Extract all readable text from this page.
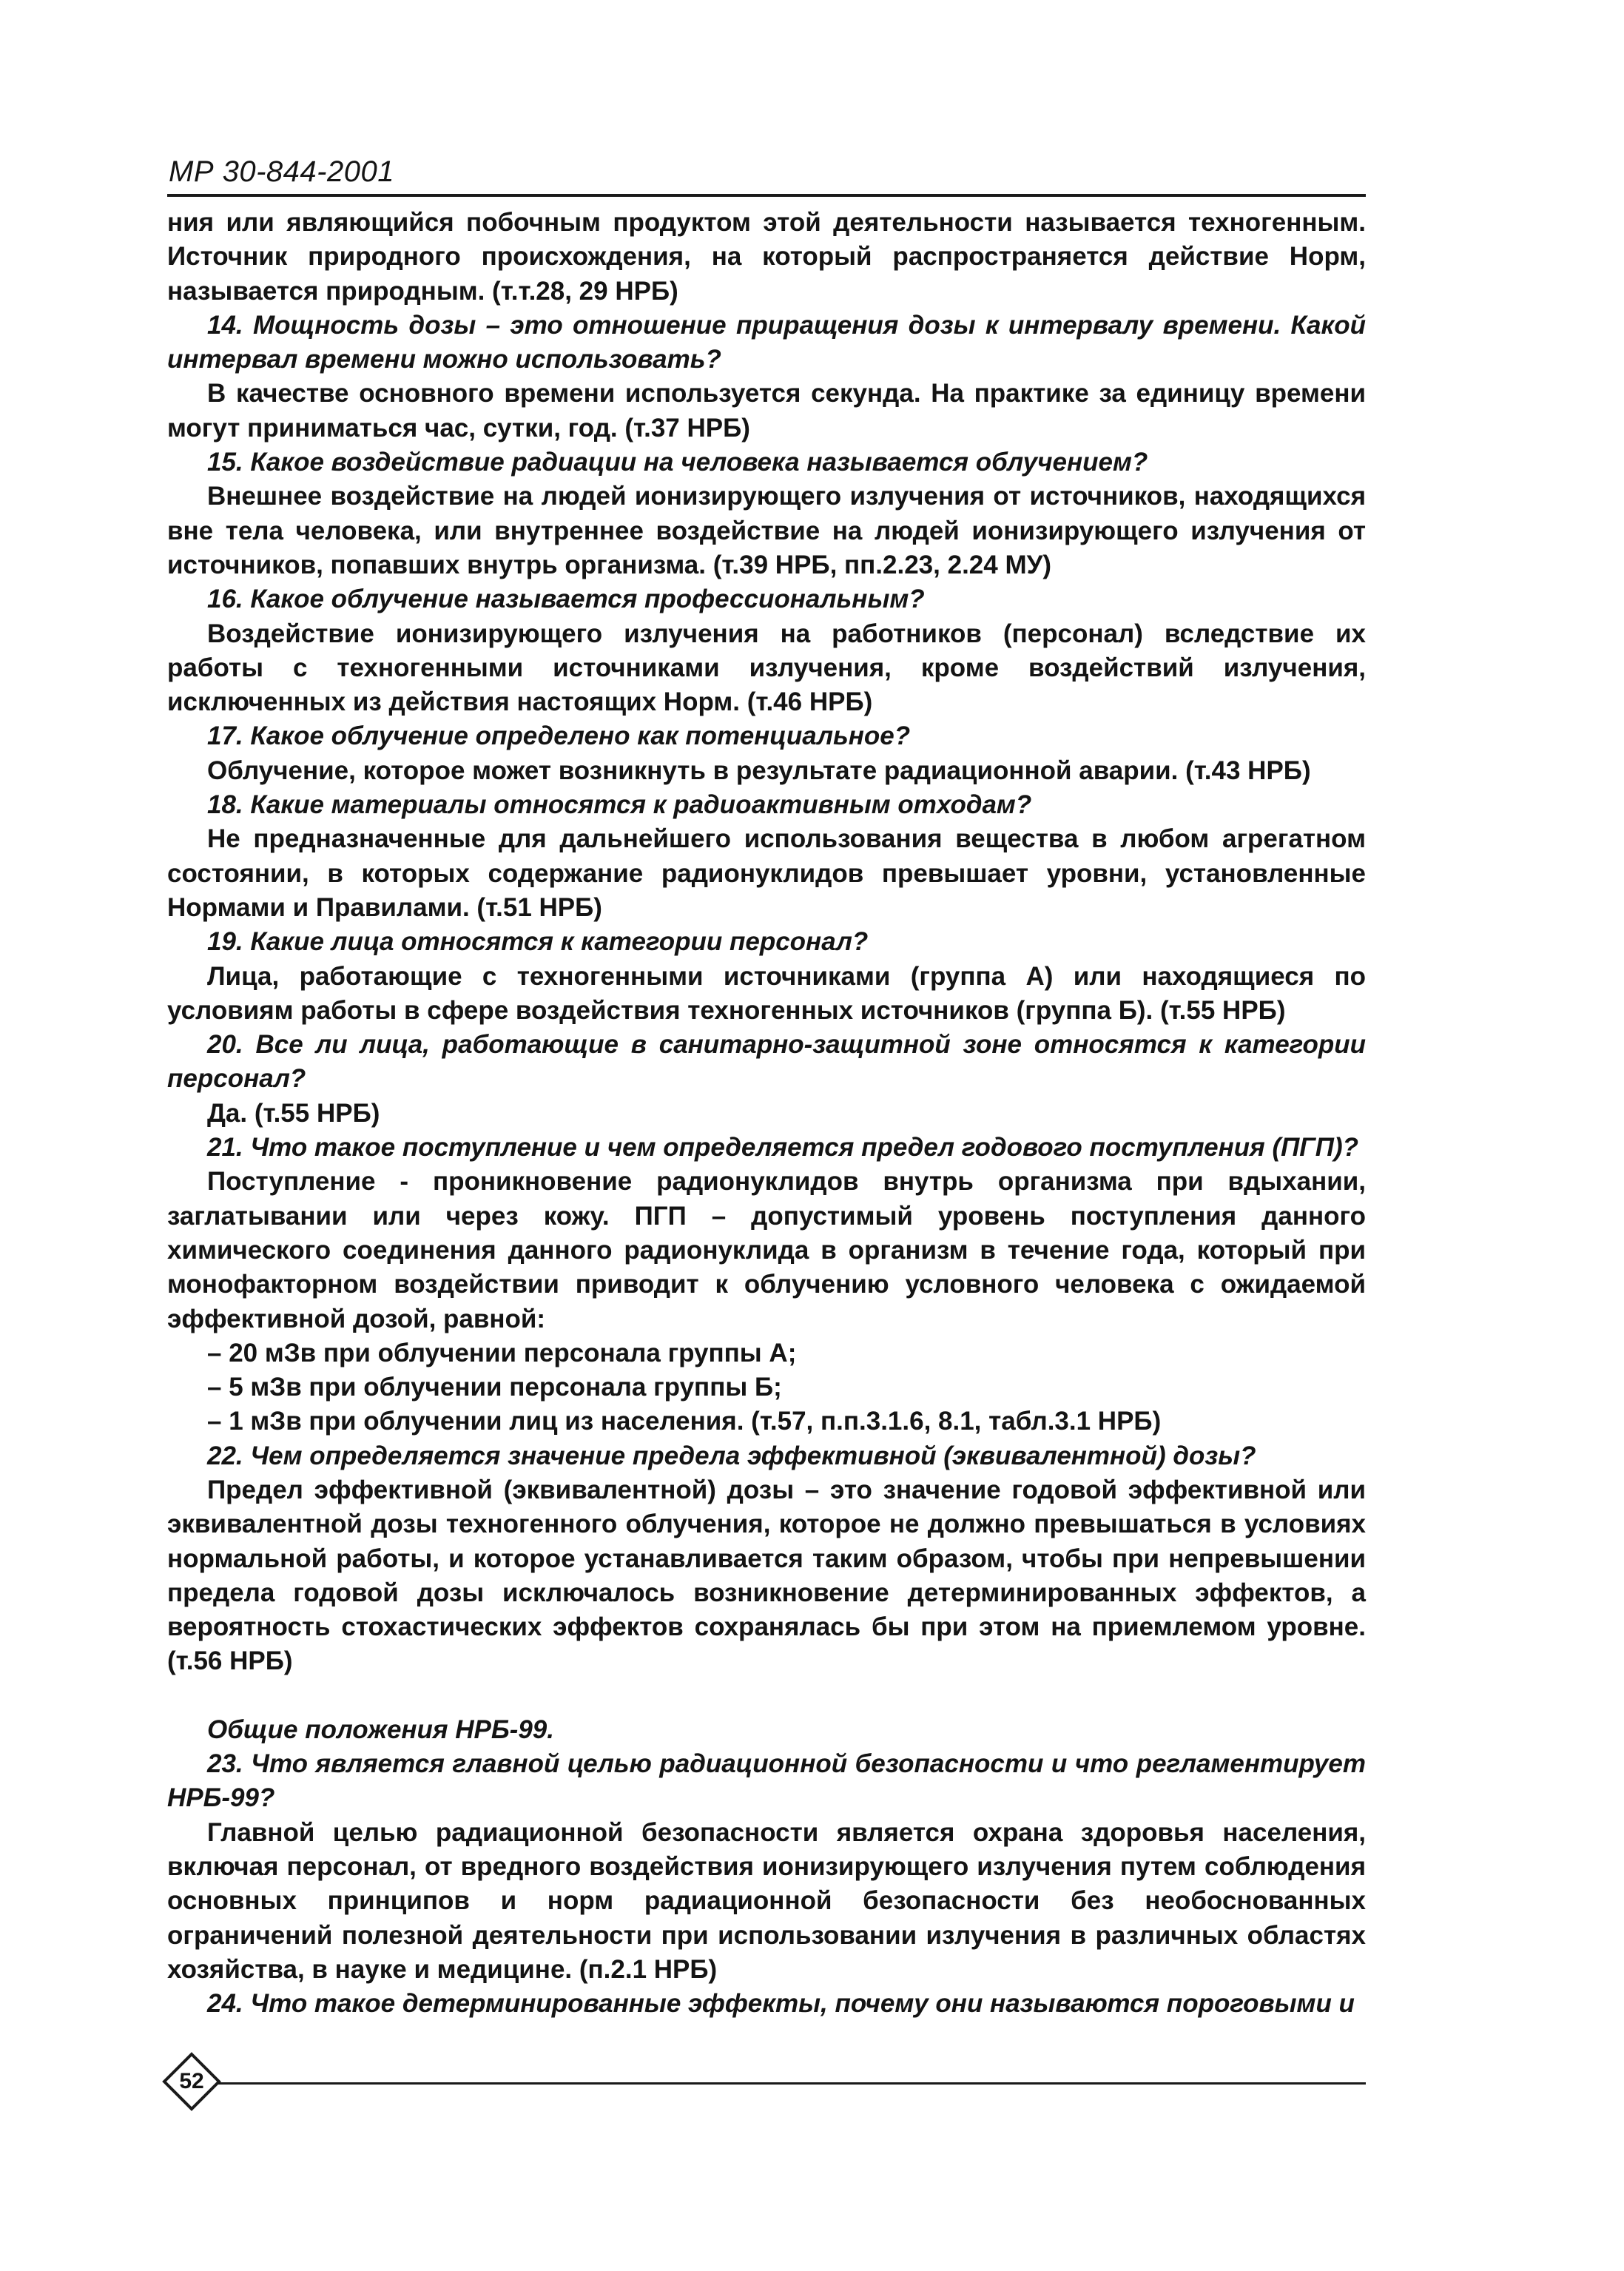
МР 30-844-2001

ния или являющийся побочным продуктом этой деятельности называется техногенным. Источник природного происхождения, на который распространяется действие Норм, называется природным. (т.т.28, 29 НРБ)

14. Мощность дозы – это отношение приращения дозы к интервалу времени. Какой интервал времени можно использовать?

В качестве основного времени используется секунда. На практике за единицу времени могут приниматься час, сутки, год. (т.37 НРБ)

15. Какое воздействие радиации на человека называется облучением?

Внешнее воздействие на людей ионизирующего излучения от источников, находящихся вне тела человека, или внутреннее воздействие на людей ионизирующего излучения от источников, попавших внутрь организма. (т.39 НРБ, пп.2.23, 2.24 МУ)

16. Какое облучение называется профессиональным?

Воздействие ионизирующего излучения на работников (персонал) вследствие их работы с техногенными источниками излучения, кроме воздействий излучения, исключенных из действия настоящих Норм. (т.46 НРБ)

17. Какое облучение определено как потенциальное?

Облучение, которое может возникнуть в результате радиационной аварии. (т.43 НРБ)

18. Какие материалы относятся к радиоактивным отходам?

Не предназначенные для дальнейшего использования вещества в любом агрегатном состоянии, в которых содержание радионуклидов превышает уровни, установленные Нормами и Правилами. (т.51 НРБ)

19. Какие лица относятся к категории персонал?

Лица, работающие с техногенными источниками (группа А) или находящиеся по условиям работы в сфере воздействия техногенных источников (группа Б). (т.55 НРБ)

20. Все ли лица, работающие в санитарно-защитной зоне относятся к категории персонал?

Да. (т.55 НРБ)

21. Что такое поступление и чем определяется предел годового поступления (ПГП)?

Поступление - проникновение радионуклидов внутрь организма при вдыхании, заглатывании или через кожу. ПГП – допустимый уровень поступления данного химического соединения данного радионуклида в организм в течение года, который при монофакторном воздействии приводит к облучению условного человека с ожидаемой эффективной дозой, равной:

– 20 мЗв при облучении персонала группы А;

– 5 мЗв при облучении персонала группы Б;

– 1 мЗв при облучении лиц из населения. (т.57, п.п.3.1.6, 8.1, табл.3.1 НРБ)

22. Чем определяется значение предела эффективной (эквивалентной) дозы?

Предел эффективной (эквивалентной) дозы – это значение годовой эффективной или эквивалентной дозы техногенного облучения, которое не должно превышаться в условиях нормальной работы, и которое устанавливается таким образом, чтобы при непревышении предела годовой дозы исключалось возникновение детерминированных эффектов, а вероятность стохастических эффектов сохранялась бы при этом на приемлемом уровне. (т.56 НРБ)

Общие положения НРБ-99.

23. Что является главной целью радиационной безопасности и что регламентирует НРБ-99?

Главной целью радиационной безопасности является охрана здоровья населения, включая персонал, от вредного воздействия ионизирующего излучения путем соблюдения основных принципов и норм радиационной безопасности без необоснованных ограничений полезной деятельности при использовании излучения в различных областях хозяйства, в науке и медицине. (п.2.1 НРБ)

24. Что такое детерминированные эффекты, почему они называются пороговыми и

52
